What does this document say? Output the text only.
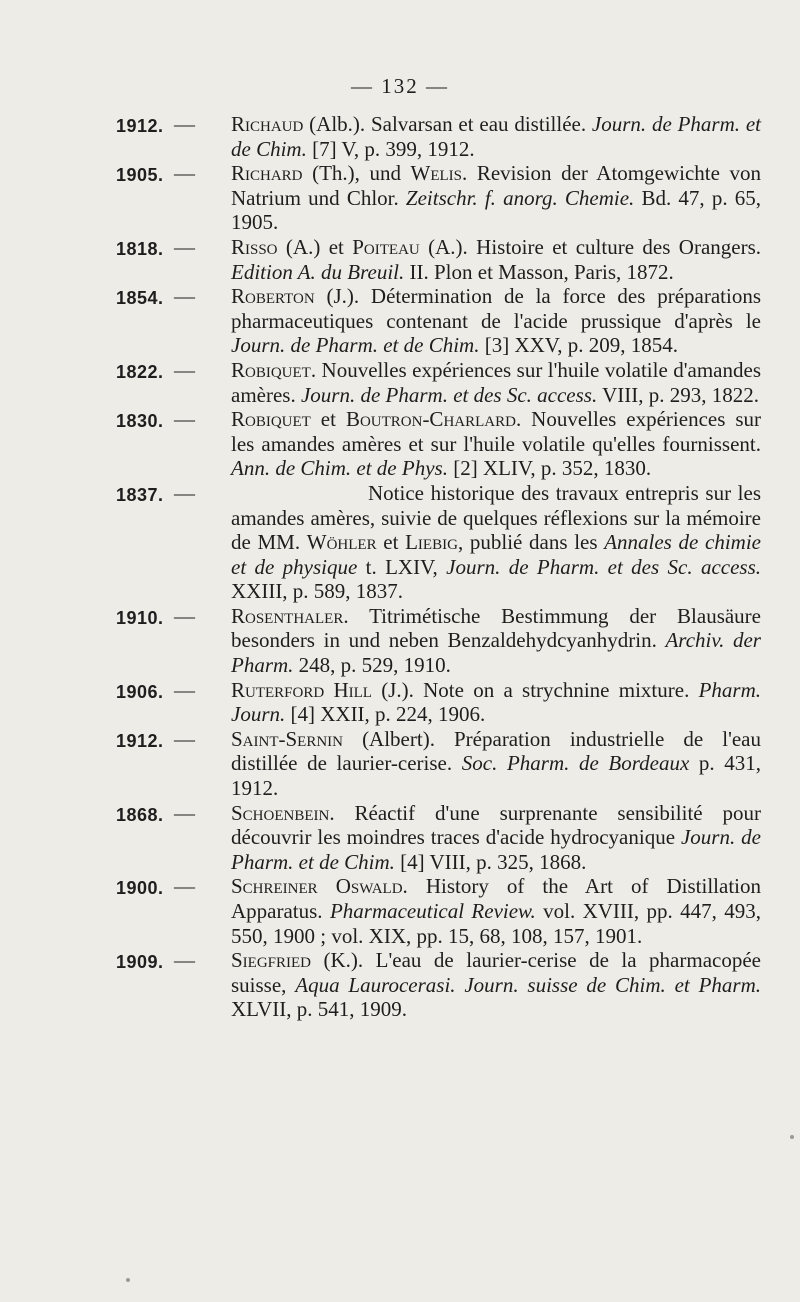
— 132 —
1912. — Richaud (Alb.). Salvarsan et eau distillée. Journ. de Pharm. et de Chim. [7] V, p. 399, 1912.
1905. — Richard (Th.), und Welis. Revision der Atomgewichte von Natrium und Chlor. Zeitschr. f. anorg. Chemie. Bd. 47, p. 65, 1905.
1818. — Risso (A.) et Poiteau (A.). Histoire et culture des Orangers. Edition A. du Breuil. II. Plon et Masson, Paris, 1872.
1854. — Roberton (J.). Détermination de la force des préparations pharmaceutiques contenant de l'acide prussique d'après le Journ. de Pharm. et de Chim. [3] XXV, p. 209, 1854.
1822. — Robiquet. Nouvelles expériences sur l'huile volatile d'amandes amères. Journ. de Pharm. et des Sc. access. VIII, p. 293, 1822.
1830. — Robiquet et Boutron-Charlard. Nouvelles expériences sur les amandes amères et sur l'huile volatile qu'elles fournissent. Ann. de Chim. et de Phys. [2] XLIV, p. 352, 1830.
1837. —	Notice historique des travaux entrepris sur les amandes amères, suivie de quelques réflexions sur la mémoire de MM. Wöhler et Liebig, publié dans les Annales de chimie et de physique t. LXIV, Journ. de Pharm. et des Sc. access. XXIII, p. 589, 1837.
1910. — Rosenthaler. Titrimétische Bestimmung der Blausäure besonders in und neben Benzaldehydcyanhydrin. Archiv. der Pharm. 248, p. 529, 1910.
1906. — Ruterford Hill (J.). Note on a strychnine mixture. Pharm. Journ. [4] XXII, p. 224, 1906.
1912. — Saint-Sernin (Albert). Préparation industrielle de l'eau distillée de laurier-cerise. Soc. Pharm. de Bordeaux p. 431, 1912.
1868. — Schoenbein. Réactif d'une surprenante sensibilité pour découvrir les moindres traces d'acide hydrocyanique Journ. de Pharm. et de Chim. [4] VIII, p. 325, 1868.
1900. — Schreiner Oswald. History of the Art of Distillation Apparatus. Pharmaceutical Review. vol. XVIII, pp. 447, 493, 550, 1900 ; vol. XIX, pp. 15, 68, 108, 157, 1901.
1909. — Siegfried (K.). L'eau de laurier-cerise de la pharmacopée suisse, Aqua Laurocerasi. Journ. suisse de Chim. et Pharm. XLVII, p. 541, 1909.
